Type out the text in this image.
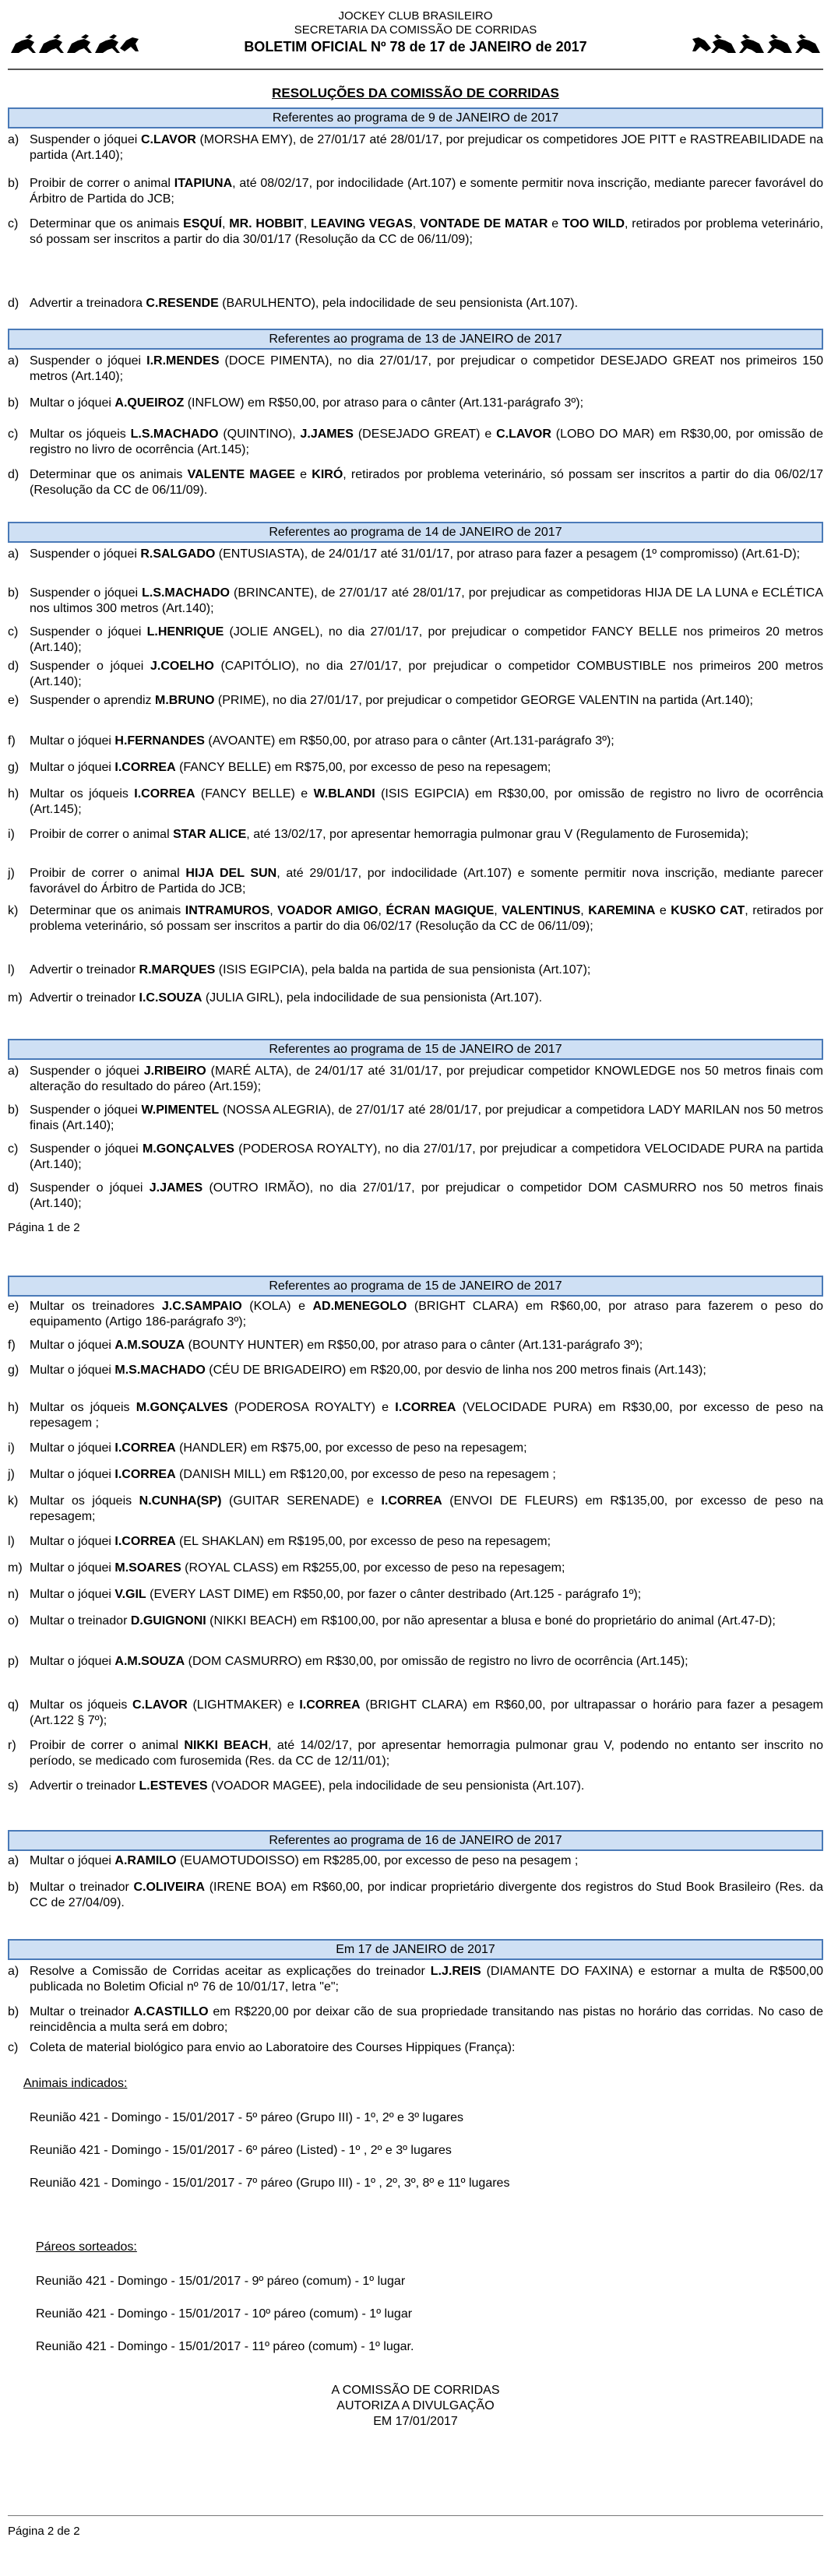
JOCKEY CLUB BRASILEIRO
SECRETARIA DA COMISSÃO DE CORRIDAS
BOLETIM OFICIAL Nº 78 de 17 de JANEIRO de 2017
RESOLUÇÕES DA COMISSÃO DE CORRIDAS
Referentes ao programa de 9 de JANEIRO de 2017
a) Suspender o jóquei C.LAVOR (MORSHA EMY), de 27/01/17 até 28/01/17, por prejudicar os competidores JOE PITT e RASTREABILIDADE na partida (Art.140);
b) Proibir de correr o animal ITAPIUNA, até 08/02/17, por indocilidade (Art.107) e somente permitir nova inscrição, mediante parecer favorável do Árbitro de Partida do JCB;
c) Determinar que os animais ESQUÍ, MR. HOBBIT, LEAVING VEGAS, VONTADE DE MATAR e TOO WILD, retirados por problema veterinário, só possam ser inscritos a partir do dia 30/01/17 (Resolução da CC de 06/11/09);
d) Advertir a treinadora C.RESENDE (BARULHENTO), pela indocilidade de seu pensionista (Art.107).
Referentes ao programa de 13 de JANEIRO de 2017
a) Suspender o jóquei I.R.MENDES (DOCE PIMENTA), no dia 27/01/17, por prejudicar o competidor DESEJADO GREAT nos primeiros 150 metros (Art.140);
b) Multar o jóquei A.QUEIROZ (INFLOW) em R$50,00, por atraso para o cânter (Art.131-parágrafo 3º);
c) Multar os jóqueis L.S.MACHADO (QUINTINO), J.JAMES (DESEJADO GREAT) e C.LAVOR (LOBO DO MAR) em R$30,00, por omissão de registro no livro de ocorrência (Art.145);
d) Determinar que os animais VALENTE MAGEE e KIRÓ, retirados por problema veterinário, só possam ser inscritos a partir do dia 06/02/17 (Resolução da CC de 06/11/09).
Referentes ao programa de 14 de JANEIRO de 2017
a) Suspender o jóquei R.SALGADO (ENTUSIASTA), de 24/01/17 até 31/01/17, por atraso para fazer a pesagem (1º compromisso) (Art.61-D);
b) Suspender o jóquei L.S.MACHADO (BRINCANTE), de 27/01/17 até 28/01/17, por prejudicar as competidoras HIJA DE LA LUNA e ECLÉTICA nos ultimos 300 metros (Art.140);
c) Suspender o jóquei L.HENRIQUE (JOLIE ANGEL), no dia 27/01/17, por prejudicar o competidor FANCY BELLE nos primeiros 20 metros (Art.140);
d) Suspender o jóquei J.COELHO (CAPITÓLIO), no dia 27/01/17, por prejudicar o competidor COMBUSTIBLE nos primeiros 200 metros (Art.140);
e) Suspender o aprendiz M.BRUNO (PRIME), no dia 27/01/17, por prejudicar o competidor GEORGE VALENTIN na partida (Art.140);
f)	Multar o jóquei H.FERNANDES (AVOANTE) em R$50,00, por atraso para o cânter (Art.131-parágrafo 3º);
g) Multar o jóquei I.CORREA (FANCY BELLE) em R$75,00, por excesso de peso na repesagem;
h) Multar os jóqueis I.CORREA (FANCY BELLE) e W.BLANDI (ISIS EGIPCIA) em R$30,00, por omissão de registro no livro de ocorrência (Art.145);
i)	Proibir de correr o animal STAR ALICE, até 13/02/17, por apresentar hemorragia pulmonar grau V (Regulamento de Furosemida);
j)	Proibir de correr o animal HIJA DEL SUN, até 29/01/17, por indocilidade (Art.107) e somente permitir nova inscrição, mediante parecer favorável do Árbitro de Partida do JCB;
k) Determinar que os animais INTRAMUROS, VOADOR AMIGO, ÉCRAN MAGIQUE, VALENTINUS, KAREMINA e KUSKO CAT, retirados por problema veterinário, só possam ser inscritos a partir do dia 06/02/17 (Resolução da CC de 06/11/09);
l)	Advertir o treinador R.MARQUES (ISIS EGIPCIA), pela balda na partida de sua pensionista (Art.107);
m) Advertir o treinador I.C.SOUZA (JULIA GIRL), pela indocilidade de sua pensionista (Art.107).
Referentes ao programa de 15 de JANEIRO de 2017
a) Suspender o jóquei J.RIBEIRO (MARÉ ALTA), de 24/01/17 até 31/01/17, por prejudicar competidor KNOWLEDGE nos 50 metros finais com alteração do resultado do páreo (Art.159);
b) Suspender o jóquei W.PIMENTEL (NOSSA ALEGRIA), de 27/01/17 até 28/01/17, por prejudicar a competidora LADY MARILAN nos 50 metros finais (Art.140);
c) Suspender o jóquei M.GONÇALVES (PODEROSA ROYALTY), no dia 27/01/17, por prejudicar a competidora VELOCIDADE PURA na partida (Art.140);
d) Suspender o jóquei J.JAMES (OUTRO IRMÃO), no dia 27/01/17, por prejudicar o competidor DOM CASMURRO nos 50 metros finais (Art.140);
Página 1 de 2
Referentes ao programa de 15 de JANEIRO de 2017
e) Multar os treinadores J.C.SAMPAIO (KOLA) e AD.MENEGOLO (BRIGHT CLARA) em R$60,00, por atraso para fazerem o peso do equipamento (Artigo 186-parágrafo 3º);
f)	Multar o jóquei A.M.SOUZA (BOUNTY HUNTER) em R$50,00, por atraso para o cânter (Art.131-parágrafo 3º);
g) Multar o jóquei M.S.MACHADO (CÉU DE BRIGADEIRO) em R$20,00, por desvio de linha nos 200 metros finais (Art.143);
h) Multar os jóqueis M.GONÇALVES (PODEROSA ROYALTY) e I.CORREA (VELOCIDADE PURA) em R$30,00, por excesso de peso na repesagem ;
i)	Multar o jóquei I.CORREA (HANDLER) em R$75,00, por excesso de peso na repesagem;
j)	Multar o jóquei I.CORREA (DANISH MILL) em R$120,00, por excesso de peso na repesagem ;
k) Multar os jóqueis N.CUNHA(SP) (GUITAR SERENADE) e I.CORREA (ENVOI DE FLEURS) em R$135,00, por excesso de peso na repesagem;
l)	Multar o jóquei I.CORREA (EL SHAKLAN) em R$195,00, por excesso de peso na repesagem;
m) Multar o jóquei M.SOARES (ROYAL CLASS) em R$255,00, por excesso de peso na repesagem;
n) Multar o jóquei V.GIL (EVERY LAST DIME) em R$50,00, por fazer o cânter destribado (Art.125 - parágrafo 1º);
o) Multar o treinador D.GUIGNONI (NIKKI BEACH) em R$100,00, por não apresentar a blusa e boné do proprietário do animal (Art.47-D);
p) Multar o jóquei A.M.SOUZA (DOM CASMURRO) em R$30,00, por omissão de registro no livro de ocorrência (Art.145);
q) Multar os jóqueis C.LAVOR (LIGHTMAKER) e I.CORREA (BRIGHT CLARA) em R$60,00, por ultrapassar o horário para fazer a pesagem (Art.122 § 7º);
r)	Proibir de correr o animal NIKKI BEACH, até 14/02/17, por apresentar hemorragia pulmonar grau V, podendo no entanto ser inscrito no período, se medicado com furosemida (Res. da CC de 12/11/01);
s) Advertir o treinador L.ESTEVES (VOADOR MAGEE), pela indocilidade de seu pensionista (Art.107).
Referentes ao programa de 16 de JANEIRO de 2017
a) Multar o jóquei A.RAMILO (EUAMOTUDOISSO) em R$285,00, por excesso de peso na pesagem ;
b) Multar o treinador C.OLIVEIRA (IRENE BOA) em R$60,00, por indicar proprietário divergente dos registros do Stud Book Brasileiro (Res. da CC de 27/04/09).
Em 17 de JANEIRO de 2017
a) Resolve a Comissão de Corridas aceitar as explicações do treinador L.J.REIS (DIAMANTE DO FAXINA) e estornar a multa de R$500,00 publicada no Boletim Oficial nº 76 de 10/01/17, letra "e";
b) Multar o treinador A.CASTILLO em R$220,00 por deixar cão de sua propriedade transitando nas pistas no horário das corridas. No caso de reincidência a multa será em dobro;
c) Coleta de material biológico para envio ao Laboratoire des Courses Hippiques (França):
Animais indicados:
Reunião 421 - Domingo - 15/01/2017 - 5º páreo (Grupo III) - 1º, 2º e 3º lugares
Reunião 421 - Domingo - 15/01/2017 - 6º páreo (Listed) - 1º , 2º e 3º lugares
Reunião 421 - Domingo - 15/01/2017 - 7º páreo (Grupo III) - 1º , 2º, 3º, 8º e 11º lugares
Páreos sorteados:
Reunião 421 - Domingo - 15/01/2017 - 9º páreo (comum) - 1º lugar
Reunião 421 - Domingo - 15/01/2017 - 10º páreo (comum) - 1º lugar
Reunião 421 - Domingo - 15/01/2017 - 11º páreo (comum) - 1º lugar.
A COMISSÃO DE CORRIDAS
AUTORIZA A DIVULGAÇÃO
EM 17/01/2017
Página 2 de 2
